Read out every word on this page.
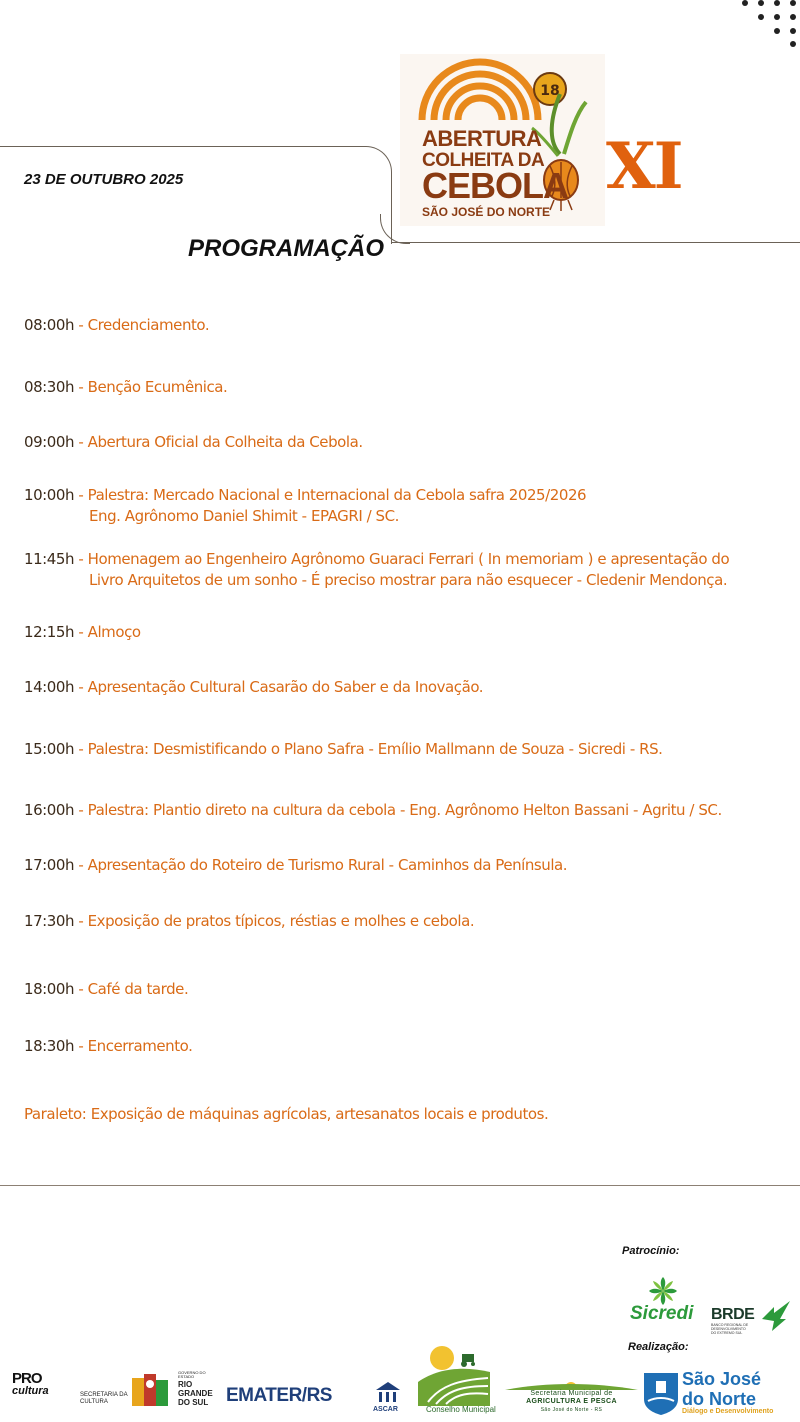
23 DE OUTUBRO 2025
PROGRAMAÇÃO
18
ABERTURA
COLHEITA DA
CEBOLA
SÃO JOSÉ DO NORTE
XI
08:00h - Credenciamento.
08:30h - Benção Ecumênica.
09:00h - Abertura Oficial da Colheita da Cebola.
10:00h - Palestra: Mercado Nacional e Internacional da Cebola safra 2025/2026
Eng. Agrônomo Daniel Shimit - EPAGRI / SC.
11:45h - Homenagem ao Engenheiro Agrônomo Guaraci Ferrari ( In memoriam ) e apresentação do
Livro Arquitetos de um sonho - É preciso mostrar para não esquecer - Cledenir Mendonça.
12:15h - Almoço
14:00h - Apresentação Cultural Casarão do Saber e da Inovação.
15:00h - Palestra: Desmistificando o Plano Safra - Emílio Mallmann de Souza - Sicredi - RS.
16:00h - Palestra: Plantio direto na cultura da cebola - Eng. Agrônomo Helton Bassani - Agritu / SC.
17:00h - Apresentação do Roteiro de Turismo Rural - Caminhos da Península.
17:30h - Exposição de pratos típicos, réstias e molhes e cebola.
18:00h - Café da tarde.
18:30h - Encerramento.
Paraleto: Exposição de máquinas agrícolas, artesanatos locais e produtos.
Patrocínio:
Sicredi BRDE
BANCO REGIONAL DE DESENVOLVIMENTO DO EXTREMO SUL
Realização:
PRO
cultura	SECRETARIA DA CULTURA
GOVERNO DO ESTADO
RIO
GRANDE
DO SUL EMATER/RS
ASCAR	Conselho Municipal
Secretaria Municipal de
AGRICULTURA E PESCA
São José do Norte - RS
São José
do Norte
Diálogo e Desenvolvimento
